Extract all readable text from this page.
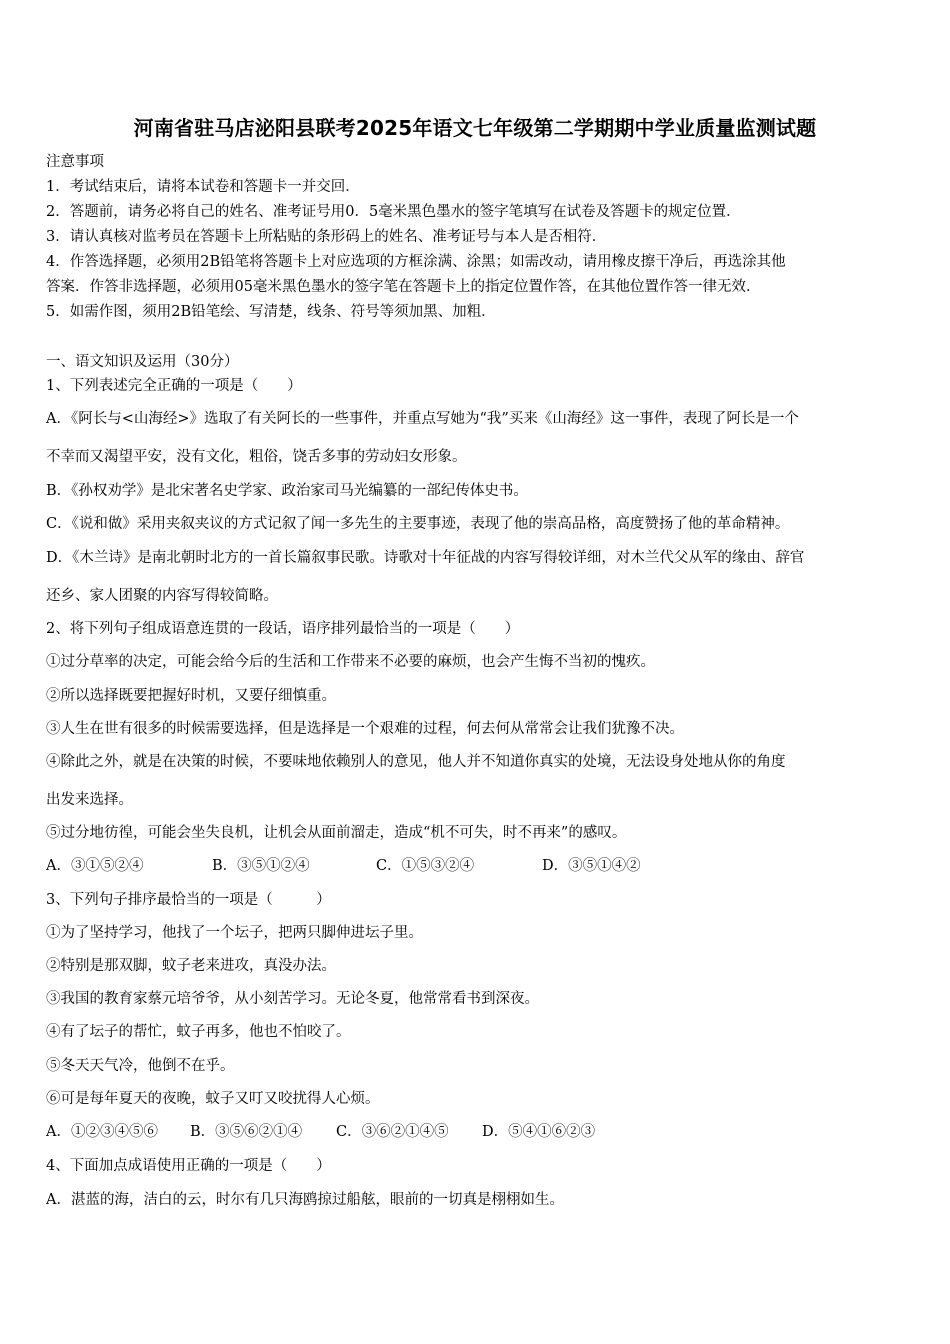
河南省驻马店泌阳县联考2025年语文七年级第二学期期中学业质量监测试题
注意事项
1．考试结束后，请将本试卷和答题卡一并交回．
2．答题前，请务必将自己的姓名、准考证号用0．5毫米黑色墨水的签字笔填写在试卷及答题卡的规定位置．
3．请认真核对监考员在答题卡上所粘贴的条形码上的姓名、准考证号与本人是否相符．
4．作答选择题，必须用2B铅笔将答题卡上对应选项的方框涂满、涂黑；如需改动，请用橡皮擦干净后，再选涂其他
答案．作答非选择题，必须用05毫米黑色墨水的签字笔在答题卡上的指定位置作答，在其他位置作答一律无效．
5．如需作图，须用2B铅笔绘、写清楚，线条、符号等须加黑、加粗．
一、语文知识及运用（30分）
1、下列表述完全正确的一项是（　　）
A．《阿长与<山海经>》选取了有关阿长的一些事件，并重点写她为“我”买来《山海经》这一事件，表现了阿长是一个
不幸而又渴望平安，没有文化，粗俗，饶舌多事的劳动妇女形象。
B．《孙权劝学》是北宋著名史学家、政治家司马光编纂的一部纪传体史书。
C．《说和做》采用夹叙夹议的方式记叙了闻一多先生的主要事迹，表现了他的崇高品格，高度赞扬了他的革命精神。
D．《木兰诗》是南北朝时北方的一首长篇叙事民歌。诗歌对十年征战的内容写得较详细，对木兰代父从军的缘由、辞官
还乡、家人团聚的内容写得较简略。
2、将下列句子组成语意连贯的一段话，语序排列最恰当的一项是（　　）
①过分草率的决定，可能会给今后的生活和工作带来不必要的麻烦，也会产生悔不当初的愧疚。
②所以选择既要把握好时机，又要仔细慎重。
③人生在世有很多的时候需要选择，但是选择是一个艰难的过程，何去何从常常会让我们犹豫不决。
④除此之外，就是在决策的时候，不要味地依赖别人的意见，他人并不知道你真实的处境，无法设身处地从你的角度
出发来选择。
⑤过分地彷徨，可能会坐失良机，让机会从面前溜走，造成“机不可失，时不再来”的感叹。
A．③①⑤②④	B．③⑤①②④	C．①⑤③②④	D．③⑤①④②
3、下列句子排序最恰当的一项是（　　　）
①为了坚持学习，他找了一个坛子，把两只脚伸进坛子里。
②特别是那双脚，蚊子老来进攻，真没办法。
③我国的教育家蔡元培爷爷，从小刻苦学习。无论冬夏，他常常看书到深夜。
④有了坛子的帮忙，蚊子再多，他也不怕咬了。
⑤冬天天气冷，他倒不在乎。
⑥可是每年夏天的夜晚，蚊子又叮又咬扰得人心烦。
A．①②③④⑤⑥ B．③⑤⑥②①④ C．③⑥②①④⑤ D．⑤④①⑥②③
4、下面加点成语使用正确的一项是（　　）
A．湛蓝的海，洁白的云，时尔有几只海鸥掠过船舷，眼前的一切真是栩栩如生。
